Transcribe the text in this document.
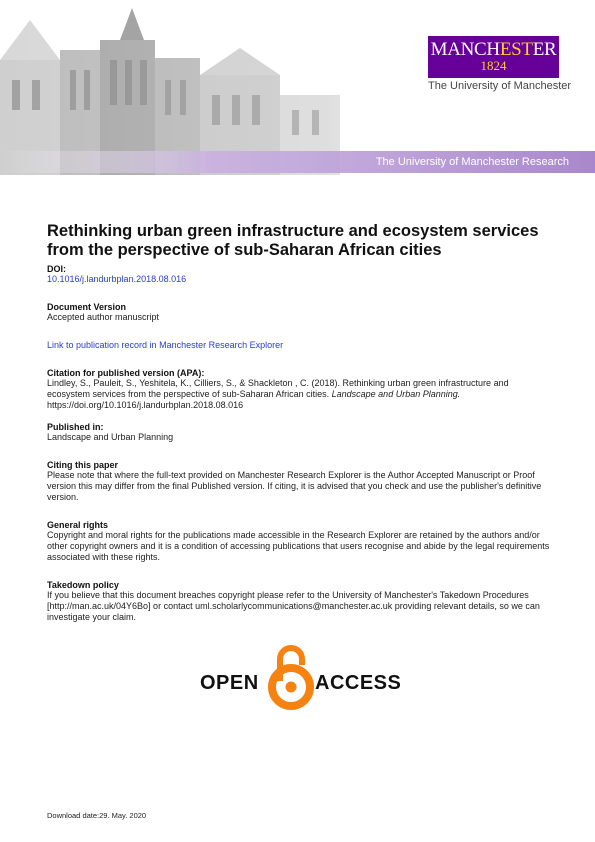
MANCHESTER
1824
The University of Manchester
The University of Manchester Research
Rethinking urban green infrastructure and ecosystem services from the perspective of sub-Saharan African cities
DOI:
10.1016/j.landurbplan.2018.08.016
Document Version
Accepted author manuscript
Link to publication record in Manchester Research Explorer
Citation for published version (APA):
Lindley, S., Pauleit, S., Yeshitela, K., Cilliers, S., & Shackleton , C. (2018). Rethinking urban green infrastructure and ecosystem services from the perspective of sub-Saharan African cities. Landscape and Urban Planning.
https://doi.org/10.1016/j.landurbplan.2018.08.016
Published in:
Landscape and Urban Planning
Citing this paper
Please note that where the full-text provided on Manchester Research Explorer is the Author Accepted Manuscript or Proof version this may differ from the final Published version. If citing, it is advised that you check and use the publisher's definitive version.
General rights
Copyright and moral rights for the publications made accessible in the Research Explorer are retained by the authors and/or other copyright owners and it is a condition of accessing publications that users recognise and abide by the legal requirements associated with these rights.
Takedown policy
If you believe that this document breaches copyright please refer to the University of Manchester's Takedown Procedures [http://man.ac.uk/04Y6Bo] or contact uml.scholarlycommunications@manchester.ac.uk providing relevant details, so we can investigate your claim.
OPEN	ACCESS
Download date:29. May. 2020
